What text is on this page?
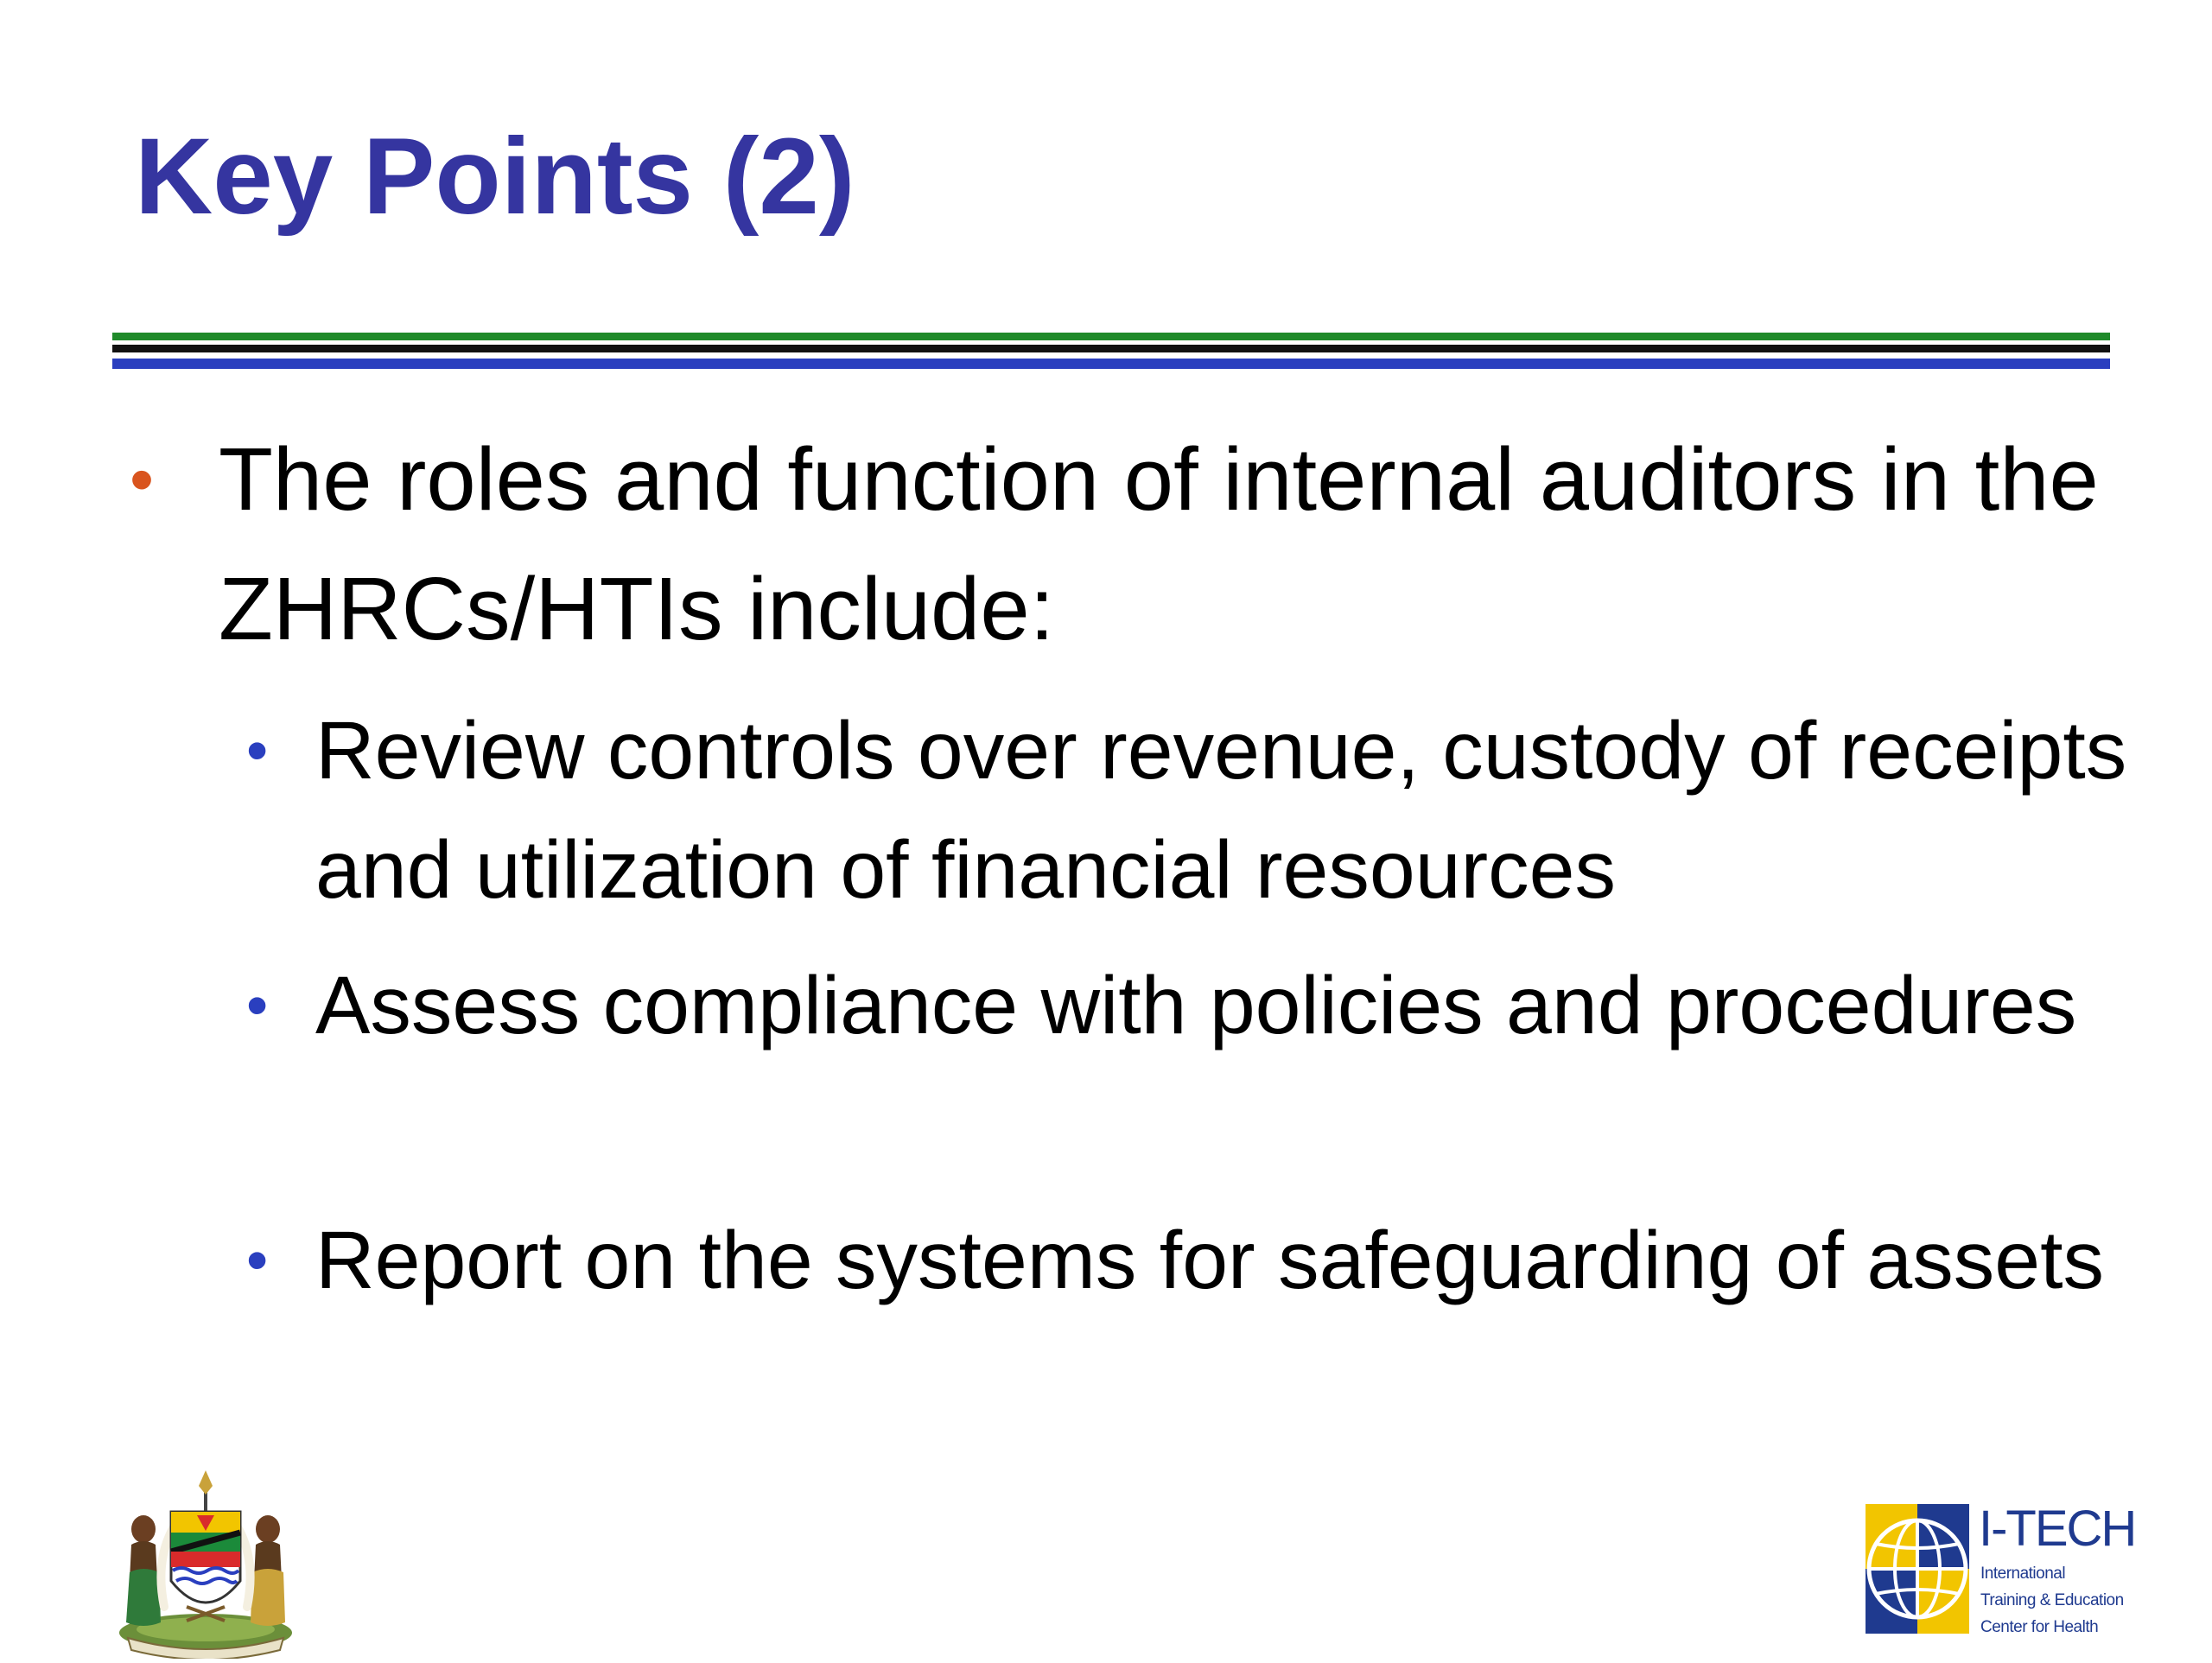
Key Points (2)
• The roles and function of internal auditors in the ZHRCs/HTIs include:
• Review controls over revenue, custody of receipts and utilization of financial resources
• Assess compliance with policies and procedures
• Report on the systems for safeguarding of assets
I-TECH
International
Training & Education
Center for Health
